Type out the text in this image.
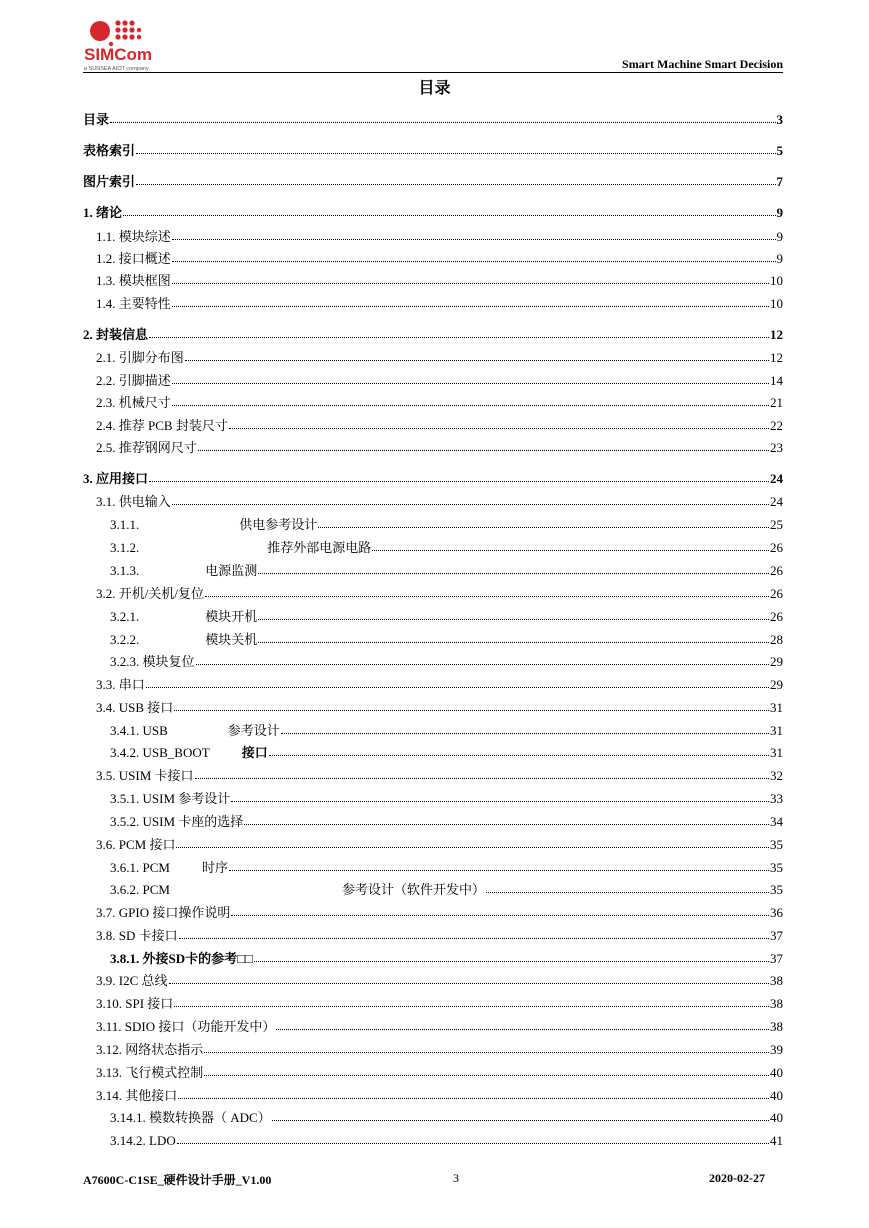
SIMCom
a SUNSEA AIOT company	Smart Machine Smart Decision
目录
目录	3
表格索引	5
图片索引	7
1. 绪论	9
1.1. 模块综述	9
1.2. 接口概述	9
1.3. 模块框图	10
1.4. 主要特性	10
2. 封装信息	12
2.1. 引脚分布图	12
2.2. 引脚描述	14
2.3. 机械尺寸	21
2.4. 推荐 PCB 封装尺寸	22
2.5. 推荐钢网尺寸	23
3. 应用接口	24
3.1. 供电输入	24
3.1.1.	供电参考设计	25
3.1.2.	推荐外部电源电路	26
3.1.3.	电源监测	26
3.2. 开机/关机/复位	26
3.2.1.	模块开机	26
3.2.2.	模块关机	28
3.2.3. 模块复位	29
3.3. 串口	29
3.4. USB 接口	31
3.4.1. USB	参考设计	31
3.4.2. USB_BOOT 接口	31
3.5. USIM 卡接口	32
3.5.1. USIM 参考设计	33
3.5.2. USIM 卡座的选择	34
3.6. PCM 接口	35
3.6.1. PCM 时序	35
3.6.2. PCM	参考设计（软件开发中）	35
3.7. GPIO 接口操作说明	36
3.8. SD 卡接口	37
3.8.1. 外接SD卡的参考□□	37
3.9. I2C 总线	38
3.10. SPI 接口	38
3.11. SDIO 接口（功能开发中）	38
3.12. 网络状态指示	39
3.13. 飞行模式控制	40
3.14. 其他接口	40
3.14.1. 模数转换器（ ADC）	40
3.14.2. LDO	41
A7600C-C1SE_硬件设计手册_V1.00	3	2020-02-27
